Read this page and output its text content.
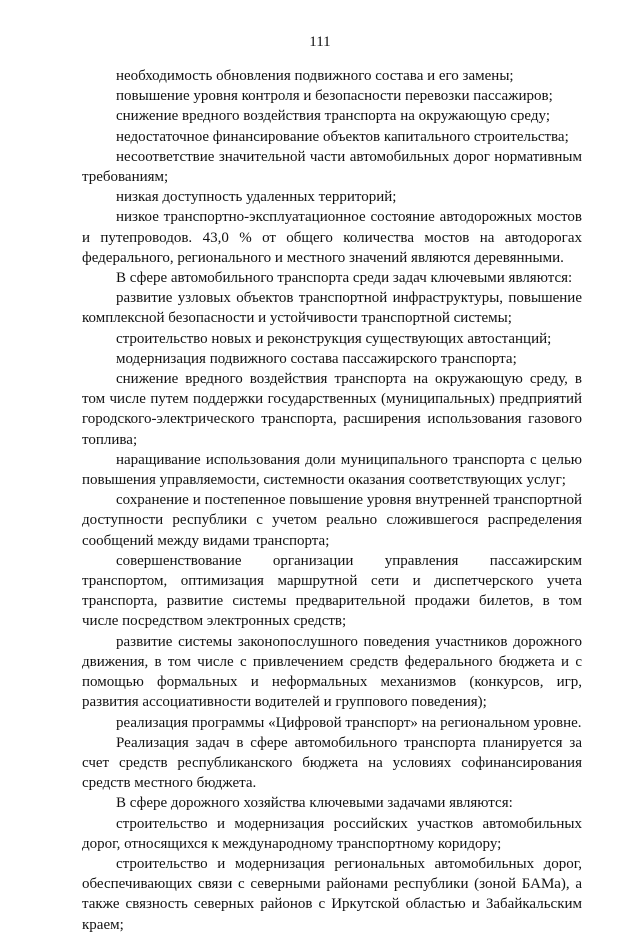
111

необходимость обновления подвижного состава и его замены;

повышение уровня контроля и безопасности перевозки пассажиров;

снижение вредного воздействия транспорта на окружающую среду;

недостаточное финансирование объектов капитального строительства;

несоответствие значительной части автомобильных дорог нормативным требованиям;

низкая доступность удаленных территорий;

низкое транспортно-эксплуатационное состояние автодорожных мостов и путепроводов. 43,0 % от общего количества мостов на автодорогах федерального, регионального и местного значений являются деревянными.

В сфере автомобильного транспорта среди задач ключевыми являются:

развитие узловых объектов транспортной инфраструктуры, повышение комплексной безопасности и устойчивости транспортной системы;

строительство новых и реконструкция существующих автостанций;

модернизация подвижного состава пассажирского транспорта;

снижение вредного воздействия транспорта на окружающую среду, в том числе путем поддержки государственных (муниципальных) предприятий городского-электрического транспорта, расширения использования газового топлива;

наращивание использования доли муниципального транспорта с целью повышения управляемости, системности оказания соответствующих услуг;

сохранение и постепенное повышение уровня внутренней транспортной доступности республики с учетом реально сложившегося распределения сообщений между видами транспорта;

совершенствование организации управления пассажирским транспортом, оптимизация маршрутной сети и диспетчерского учета транспорта, развитие системы предварительной продажи билетов, в том числе посредством электронных средств;

развитие системы законопослушного поведения участников дорожного движения, в том числе с привлечением средств федерального бюджета и с помощью формальных и неформальных механизмов (конкурсов, игр, развития ассоциативности водителей и группового поведения);

реализация программы «Цифровой транспорт» на региональном уровне.

Реализация задач в сфере автомобильного транспорта планируется за счет средств республиканского бюджета на условиях софинансирования средств местного бюджета.

В сфере дорожного хозяйства ключевыми задачами являются:

строительство и модернизация российских участков автомобильных дорог, относящихся к международному транспортному коридору;

строительство и модернизация региональных автомобильных дорог, обеспечивающих связи с северными районами республики (зоной БАМа), а также связность северных районов с Иркутской областью и Забайкальским краем;
